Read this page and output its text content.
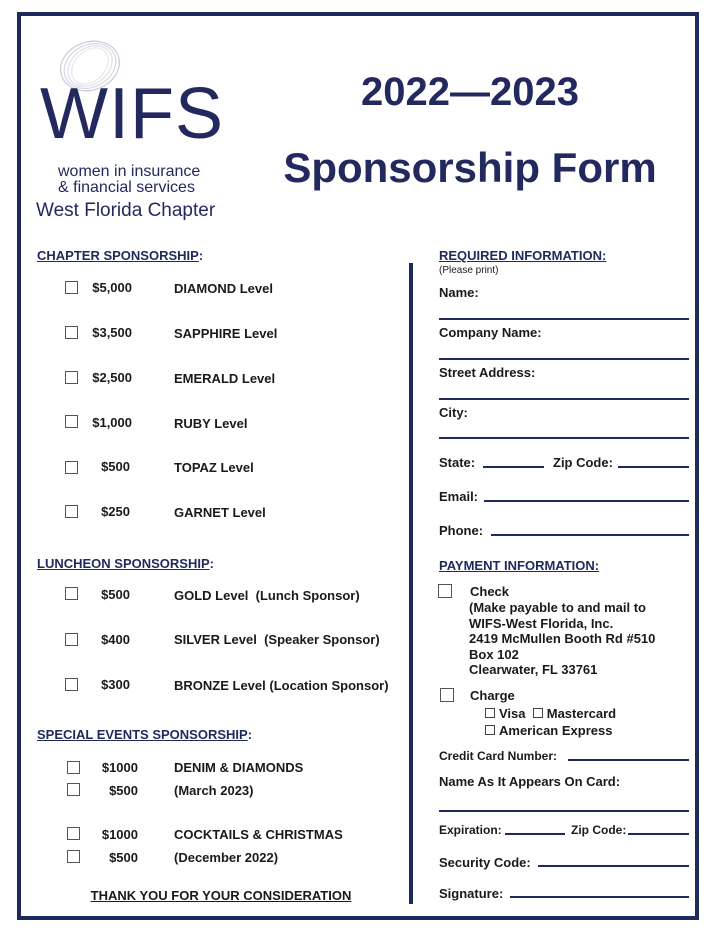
WIFS
women in insurance
& financial services
West Florida Chapter
2022—2023
Sponsorship Form
CHAPTER SPONSORSHIP:
$5,000	DIAMOND Level
$3,500	SAPPHIRE Level
$2,500	EMERALD Level
$1,000	RUBY Level
$500	TOPAZ Level
$250	GARNET Level
LUNCHEON SPONSORSHIP:
$500	GOLD Level (Lunch Sponsor)
$400	SILVER Level (Speaker Sponsor)
$300	BRONZE Level (Location Sponsor)
SPECIAL EVENTS SPONSORSHIP:
$1000	DENIM & DIAMONDS
$500	(March 2023)
$1000	COCKTAILS & CHRISTMAS
$500	(December 2022)
THANK YOU FOR YOUR CONSIDERATION
REQUIRED INFORMATION:
(Please print)
Name:
Company Name:
Street Address:
City:
State:	Zip Code:
Email:
Phone:
PAYMENT INFORMATION:
Check
(Make payable to and mail to
WIFS-West Florida, Inc.
2419 McMullen Booth Rd #510
Box 102
Clearwater, FL 33761
Charge
Visa Mastercard
American Express
Credit Card Number:
Name As It Appears On Card:
Expiration:	Zip Code:
Security Code:
Signature:
